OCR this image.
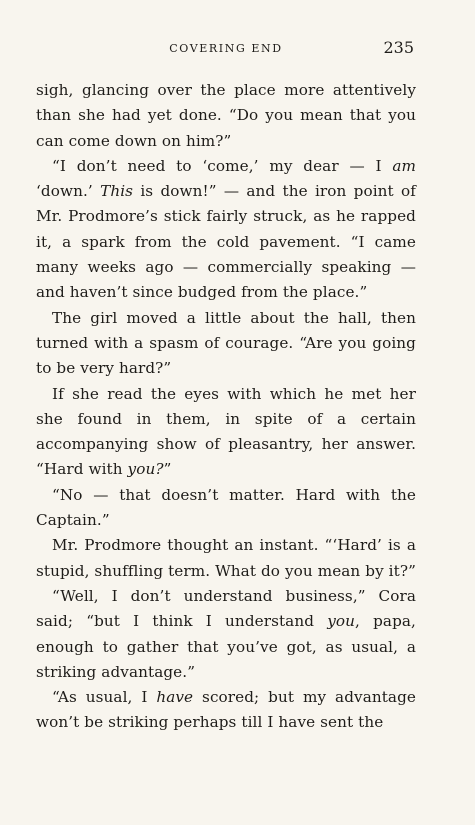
COVERING END	235

sigh, glancing over the place more attentively than she had yet done. “Do you mean that you can come down on him?”

“I don’t need to ‘come,’ my dear — I am ‘down.’ This is down!” — and the iron point of Mr. Prodmore’s stick fairly struck, as he rapped it, a spark from the cold pavement. “I came many weeks ago — commercially speaking — and haven’t since budged from the place.”

The girl moved a little about the hall, then turned with a spasm of courage. “Are you going to be very hard?”

If she read the eyes with which he met her she found in them, in spite of a certain accompanying show of pleasantry, her answer. “Hard with you?”

“No — that doesn’t matter. Hard with the Captain.”

Mr. Prodmore thought an instant. “‘Hard’ is a stupid, shuffling term. What do you mean by it?”

“Well, I don’t understand business,” Cora said; “but I think I understand you, papa, enough to gather that you’ve got, as usual, a striking advantage.”

“As usual, I have scored; but my advantage won’t be striking perhaps till I have sent the
